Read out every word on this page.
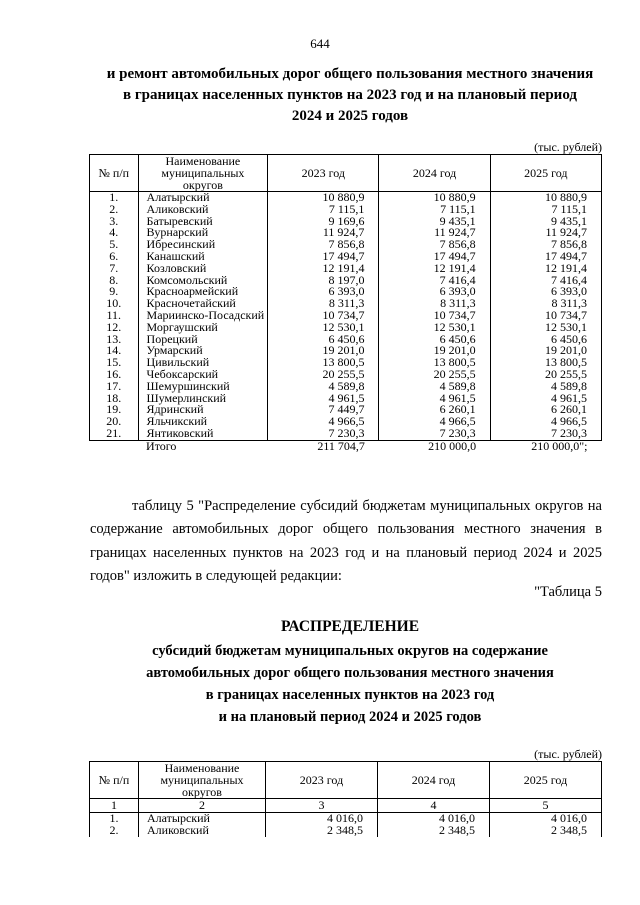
644
и ремонт автомобильных дорог общего пользования местного значения
в границах населенных пунктов на 2023 год и на плановый период
2024 и 2025 годов
(тыс. рублей)
№ п/п	Наименование муниципальных округов	2023 год	2024 год	2025 год
1.	Алатырский	10 880,9	10 880,9	10 880,9
2.	Аликовский	7 115,1	7 115,1	7 115,1
3.	Батыревский	9 169,6	9 435,1	9 435,1
4.	Вурнарский	11 924,7	11 924,7	11 924,7
5.	Ибресинский	7 856,8	7 856,8	7 856,8
6.	Канашский	17 494,7	17 494,7	17 494,7
7.	Козловский	12 191,4	12 191,4	12 191,4
8.	Комсомольский	8 197,0	7 416,4	7 416,4
9.	Красноармейский	6 393,0	6 393,0	6 393,0
10.	Красночетайский	8 311,3	8 311,3	8 311,3
11.	Мариинско-Посадский	10 734,7	10 734,7	10 734,7
12.	Моргаушский	12 530,1	12 530,1	12 530,1
13.	Порецкий	6 450,6	6 450,6	6 450,6
14.	Урмарский	19 201,0	19 201,0	19 201,0
15.	Цивильский	13 800,5	13 800,5	13 800,5
16.	Чебоксарский	20 255,5	20 255,5	20 255,5
17.	Шемуршинский	4 589,8	4 589,8	4 589,8
18.	Шумерлинский	4 961,5	4 961,5	4 961,5
19.	Ядринский	7 449,7	6 260,1	6 260,1
20.	Яльчикский	4 966,5	4 966,5	4 966,5
21.	Янтиковский	7 230,3	7 230,3	7 230,3
	Итого	211 704,7	210 000,0	210 000,0";
таблицу 5 "Распределение субсидий бюджетам муниципальных округов на содержание автомобильных дорог общего пользования местного значения в границах населенных пунктов на 2023 год и на плановый период 2024 и 2025 годов" изложить в следующей редакции:
"Таблица 5
РАСПРЕДЕЛЕНИЕ
субсидий бюджетам муниципальных округов на содержание
автомобильных дорог общего пользования местного значения
в границах населенных пунктов на 2023 год
и на плановый период 2024 и 2025 годов
(тыс. рублей)
№ п/п	Наименование муниципальных округов	2023 год	2024 год	2025 год
1	2	3	4	5
1.	Алатырский	4 016,0	4 016,0	4 016,0
2.	Аликовский	2 348,5	2 348,5	2 348,5
